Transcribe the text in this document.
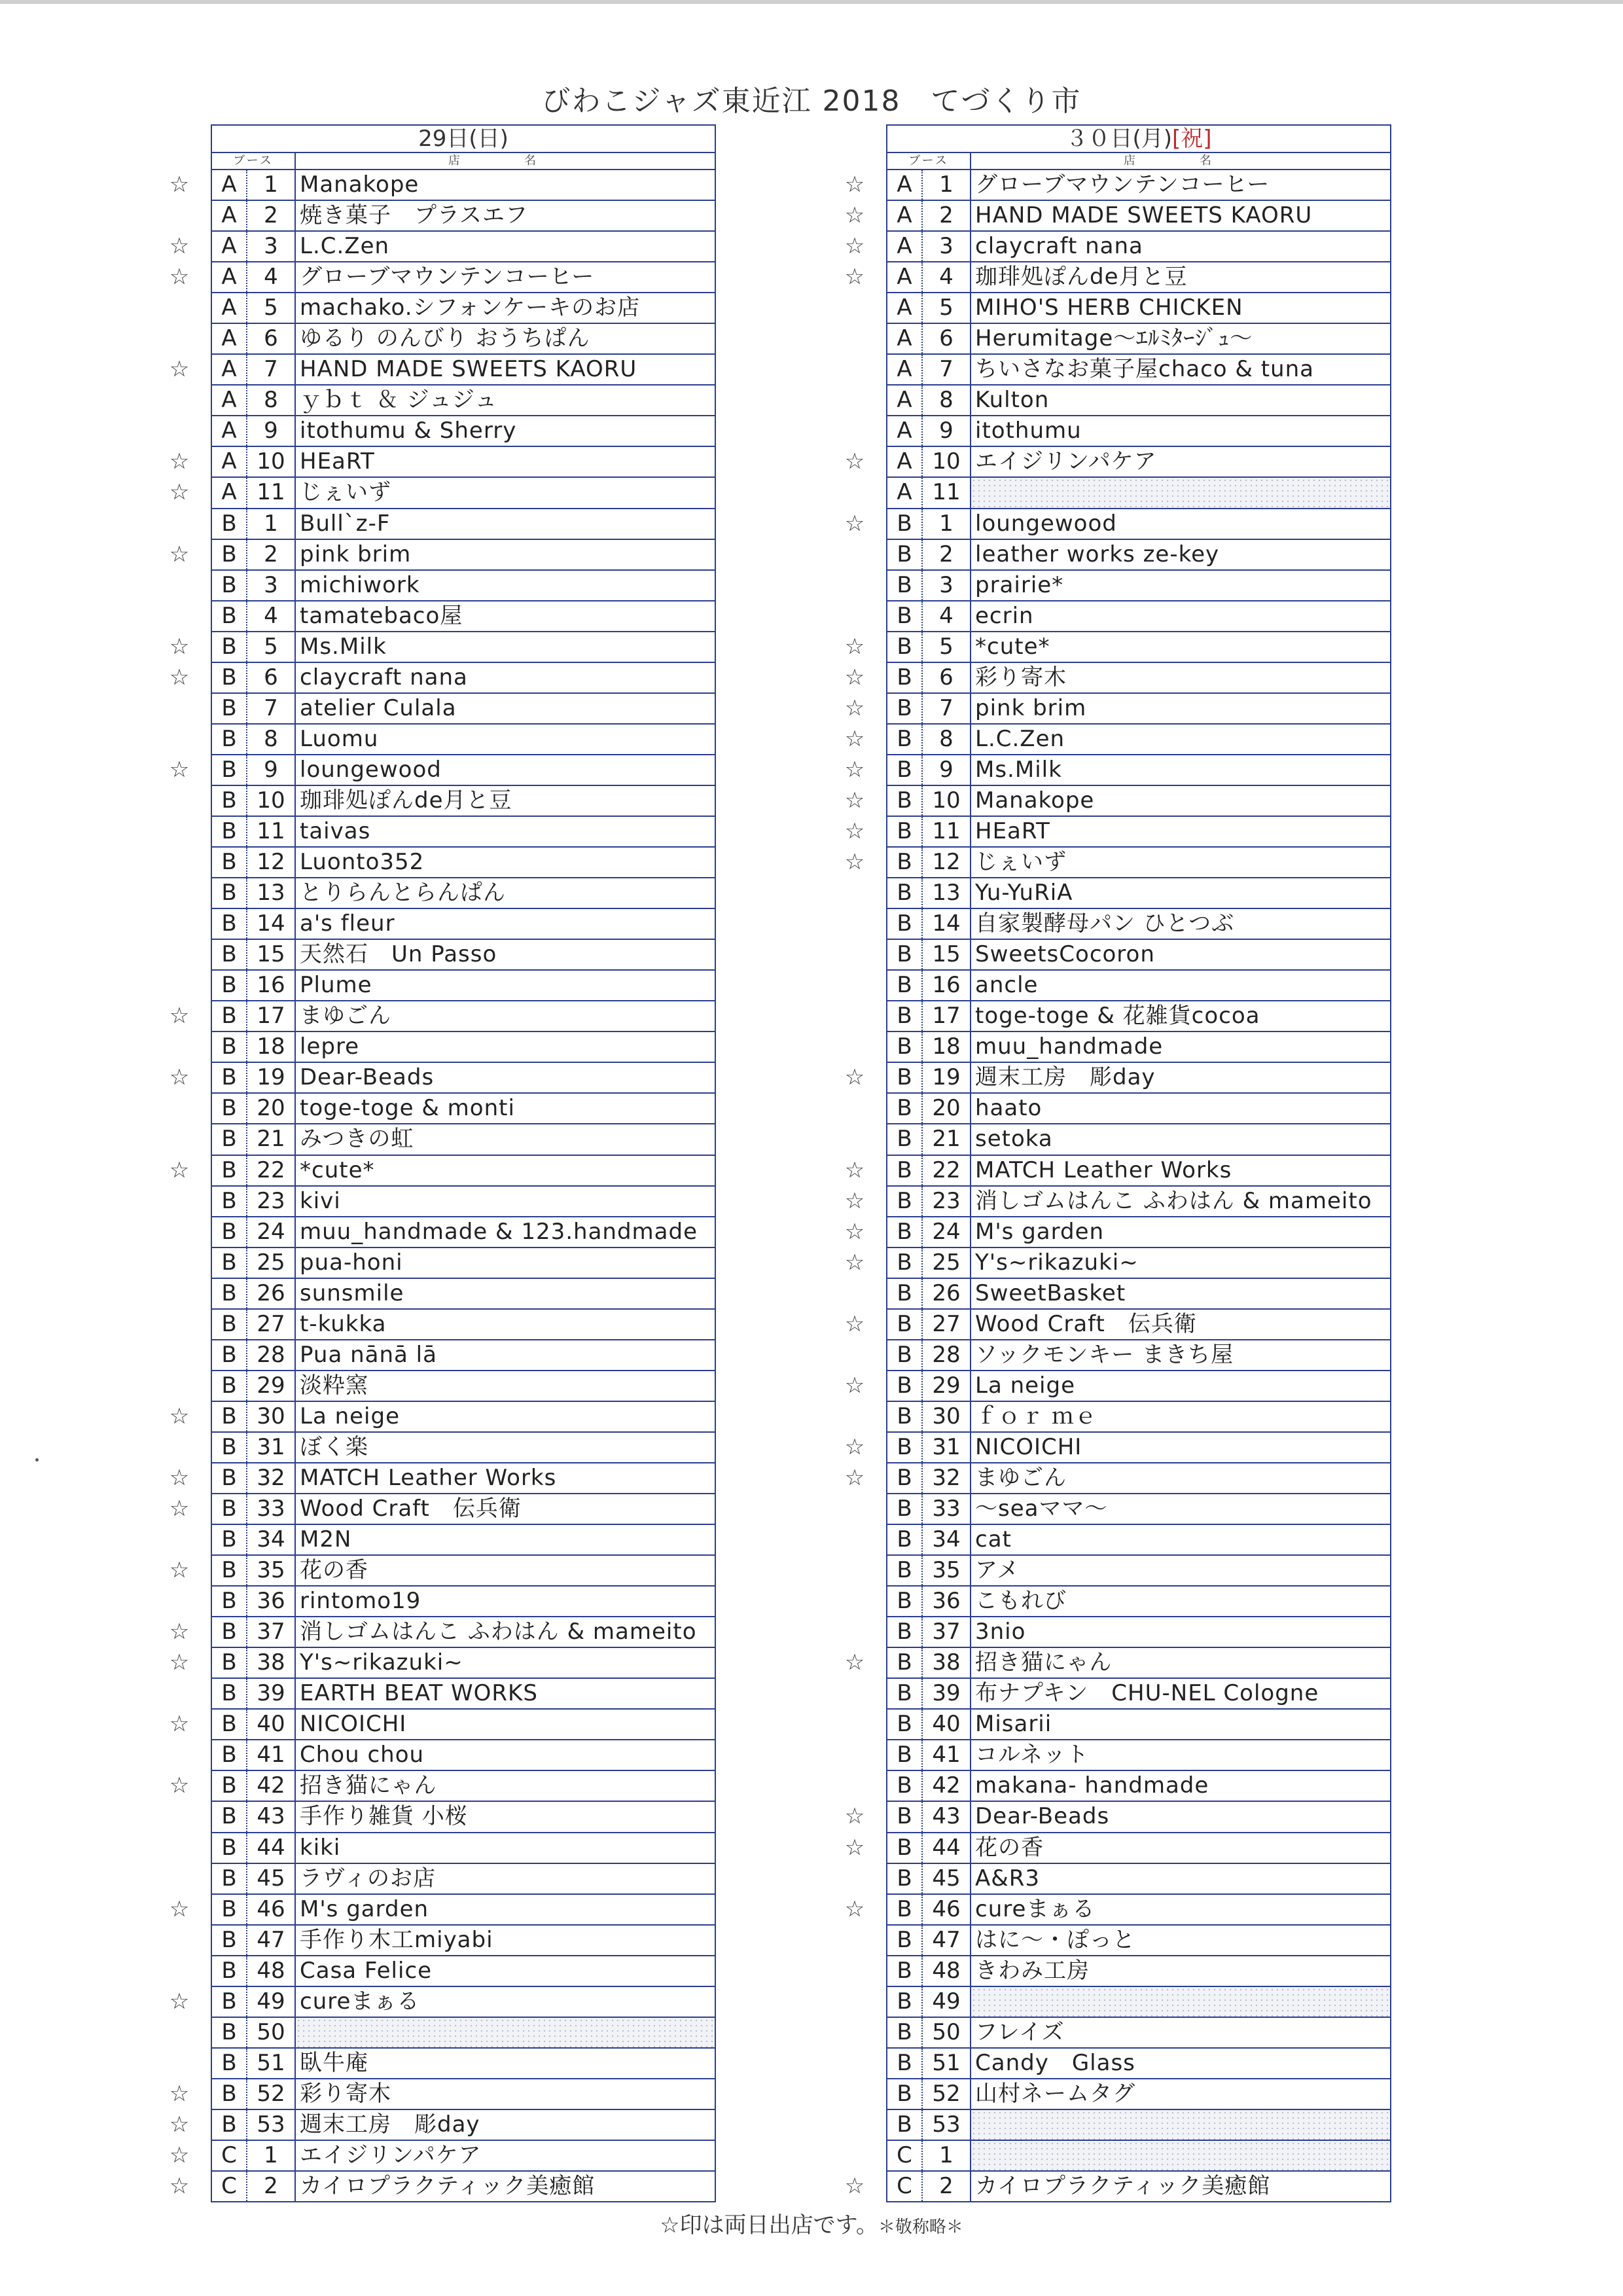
びわこジャズ東近江 2018　てづくり市
29日(日)
ブース	店　名
☆	A	1 Manakope
A	2 焼き菓子　プラスエフ
☆	A	3 L.C.Zen
☆	A	4 グローブマウンテンコーヒー
A	5 machako.シフォンケーキのお店
A	6 ゆるり のんびり おうちぱん
☆	A	7 HAND MADE SWEETS KAORU
A	8 ｙｂｔ ＆ ジュジュ
A	9 itothumu & Sherry
☆	A 10 HEaRT
☆	A 11 じぇいず
B	1 Bull`z-F
☆	B	2 pink brim
B	3 michiwork
B	4 tamatebaco屋
☆	B	5 Ms.Milk
☆	B	6 claycraft nana
B	7 atelier Culala
B	8 Luomu
☆	B	9 loungewood
B 10 珈琲処ぽんde月と豆
B 11 taivas
B 12 Luonto352
B 13 とりらんとらんぱん
B 14 a's fleur
B 15 天然石　Un Passo
B 16 Plume
☆	B 17 まゆごん
B 18 lepre
☆	B 19 Dear-Beads
B 20 toge-toge & monti
B 21 みつきの虹
☆	B 22 *cute*
B 23 kivi
B 24 muu_handmade & 123.handmade
B 25 pua-honi
B 26 sunsmile
B 27 t-kukka
B 28 Pua nānā lā
B 29 淡粋窯
☆	B 30 La neige
B 31 ぼく楽
☆	B 32 MATCH Leather Works
☆	B 33 Wood Craft　伝兵衛
B 34 M2N
☆	B 35 花の香
B 36 rintomo19
☆	B 37 消しゴムはんこ ふわはん & mameito
☆	B 38 Y's~rikazuki~
B 39 EARTH BEAT WORKS
☆	B 40 NICOICHI
B 41 Chou chou
☆	B 42 招き猫にゃん
B 43 手作り雑貨 小桜
B 44 kiki
B 45 ラヴィのお店
☆	B 46 M's garden
B 47 手作り木工miyabi
B 48 Casa Felice
☆	B 49 cureまぁる
B 50
B 51 臥牛庵
☆	B 52 彩り寄木
☆	B 53 週末工房　彫day
☆	C	1 エイジリンパケア
☆	C	2 カイロプラクティック美癒館
３０日(月)[祝]
ブース	店　名
☆	A	1 グローブマウンテンコーヒー
☆	A	2 HAND MADE SWEETS KAORU
☆	A	3 claycraft nana
☆	A	4 珈琲処ぽんde月と豆
A	5 MIHO'S HERB CHICKEN
A	6 Herumitage～ｴﾙﾐﾀｰｼﾞｭ～
A	7 ちいさなお菓子屋chaco & tuna
A	8 Kulton
A	9 itothumu
☆	A 10 エイジリンパケア
A 11
☆	B	1 loungewood
B	2 leather works ze-key
B	3 prairie*
B	4 ecrin
☆	B	5 *cute*
☆	B	6 彩り寄木
☆	B	7 pink brim
☆	B	8 L.C.Zen
☆	B	9 Ms.Milk
☆	B 10 Manakope
☆	B 11 HEaRT
☆	B 12 じぇいず
B 13 Yu-YuRiA
B 14 自家製酵母パン ひとつぶ
B 15 SweetsCocoron
B 16 ancle
B 17 toge-toge & 花雑貨cocoa
B 18 muu_handmade
☆	B 19 週末工房　彫day
B 20 haato
B 21 setoka
☆	B 22 MATCH Leather Works
☆	B 23 消しゴムはんこ ふわはん & mameito
☆	B 24 M's garden
☆	B 25 Y's~rikazuki~
B 26 SweetBasket
☆	B 27 Wood Craft　伝兵衛
B 28 ソックモンキー まきち屋
☆	B 29 La neige
B 30 ｆｏｒ ｍｅ
☆	B 31 NICOICHI
☆	B 32 まゆごん
B 33 ～seaママ～
B 34 cat
B 35 アメ
B 36 こもれび
B 37 3nio
☆	B 38 招き猫にゃん
B 39 布ナプキン　CHU-NEL Cologne
B 40 Misarii
B 41 コルネット
B 42 makana- handmade
☆	B 43 Dear-Beads
☆	B 44 花の香
B 45 A&R3
☆	B 46 cureまぁる
B 47 はに～・ぽっと
B 48 きわみ工房
B 49
B 50 フレイズ
B 51 Candy　Glass
B 52 山村ネームタグ
B 53
C	1
☆	C	2 カイロプラクティック美癒館
☆印は両日出店です。＊敬称略＊
